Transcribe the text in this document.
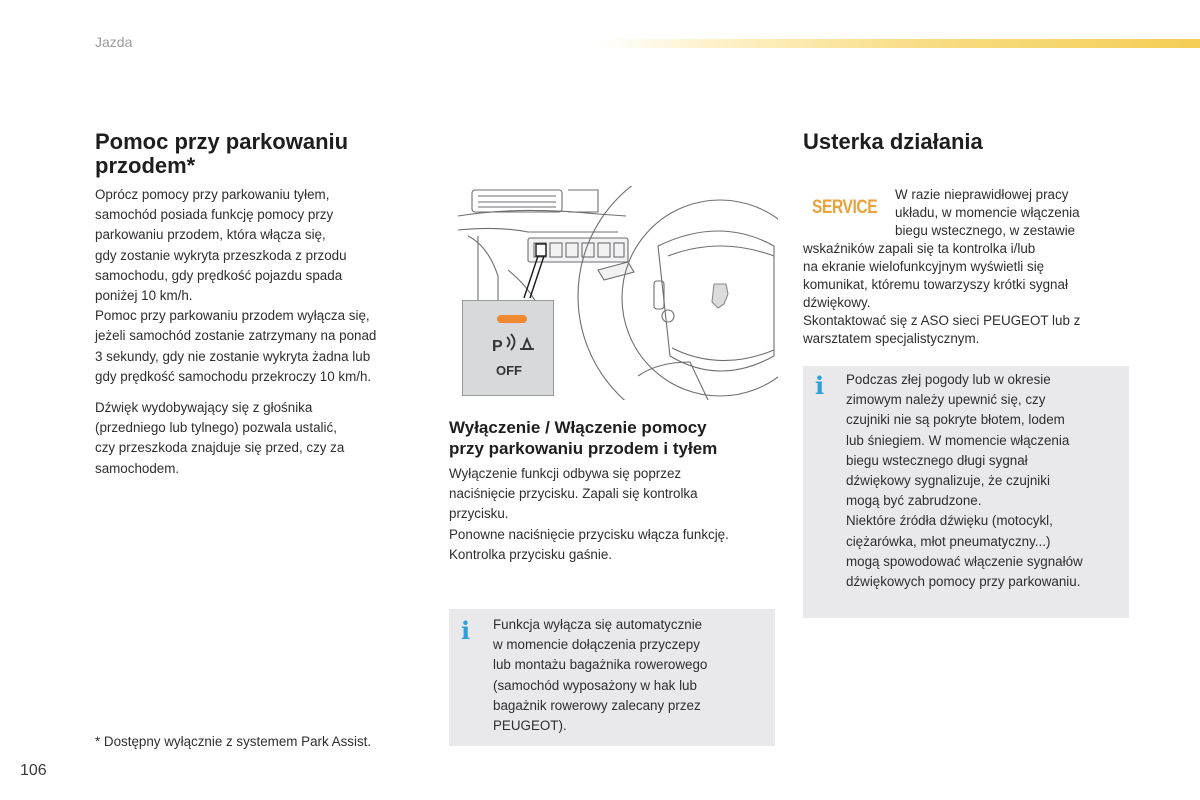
Jazda
Pomoc przy parkowaniu
przodem*
Oprócz pomocy przy parkowaniu tyłem,
samochód posiada funkcję pomocy przy
parkowaniu przodem, która włącza się,
gdy zostanie wykryta przeszkoda z przodu
samochodu, gdy prędkość pojazdu spada
poniżej 10 km/h.
Pomoc przy parkowaniu przodem wyłącza się,
jeżeli samochód zostanie zatrzymany na ponad
3 sekundy, gdy nie zostanie wykryta żadna lub
gdy prędkość samochodu przekroczy 10 km/h.
Dźwięk wydobywający się z głośnika
(przedniego lub tylnego) pozwala ustalić,
czy przeszkoda znajduje się przed, czy za
samochodem.
* Dostępny wyłącznie z systemem Park Assist.
P
OFF
Wyłączenie / Włączenie pomocy
przy parkowaniu przodem i tyłem
Wyłączenie funkcji odbywa się poprzez
naciśnięcie przycisku. Zapali się kontrolka
przycisku.
Ponowne naciśnięcie przycisku włącza funkcję.
Kontrolka przycisku gaśnie.
i Funkcja wyłącza się automatycznie
w momencie dołączenia przyczepy
lub montażu bagażnika rowerowego
(samochód wyposażony w hak lub
bagażnik rowerowy zalecany przez
PEUGEOT).
Usterka działania
SERVICE
W razie nieprawidłowej pracy
układu, w momencie włączenia
biegu wstecznego, w zestawie
wskaźników zapali się ta kontrolka i/lub
na ekranie wielofunkcyjnym wyświetli się
komunikat, któremu towarzyszy krótki sygnał
dźwiękowy.
Skontaktować się z ASO sieci PEUGEOT lub z
warsztatem specjalistycznym.
i Podczas złej pogody lub w okresie
zimowym należy upewnić się, czy
czujniki nie są pokryte błotem, lodem
lub śniegiem. W momencie włączenia
biegu wstecznego długi sygnał
dźwiękowy sygnalizuje, że czujniki
mogą być zabrudzone.
Niektóre źródła dźwięku (motocykl,
ciężarówka, młot pneumatyczny...)
mogą spowodować włączenie sygnałów
dźwiękowych pomocy przy parkowaniu.
106
